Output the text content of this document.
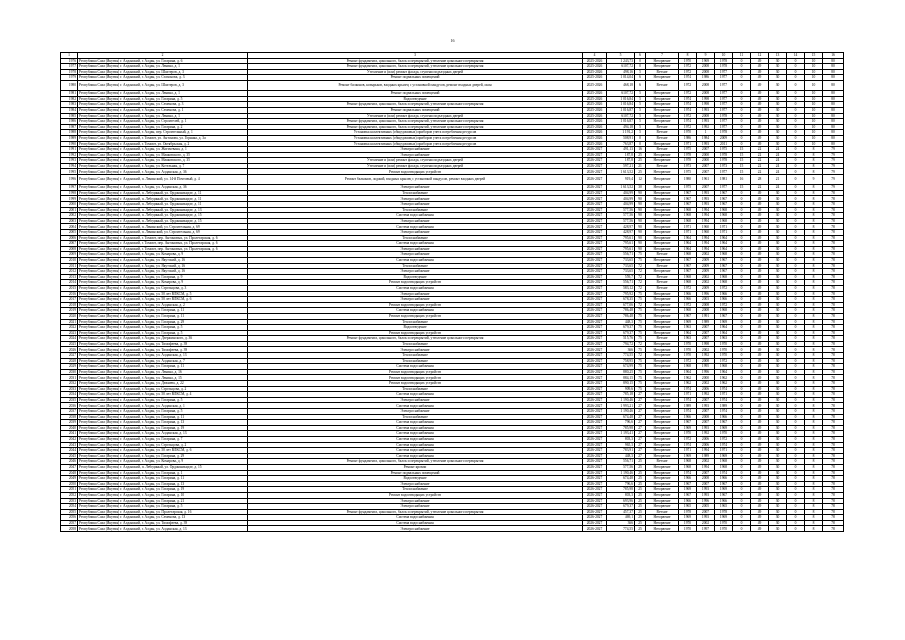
16
1	2	3	4	5	6	7	8	9	10	11	12	13	14	15	16
1976	Республика Саха (Якутия) г. Алданский, г. Алдан, ул. Гагарина, д. 6	Ремонт фундамента, цокольного, балок и перекрытий, утепление цокольного перекрытия	2025-2026	1 243,73	0	Негорючие	1970	1969	1978	0	49	30	0	10	80
1977	Республика Саха (Якутия) г. Алданский, г. Алдан, ул. Ленина, д. 1	Ремонт фундамента, цокольного, балок и перекрытий, утепление цокольного перекрытия	2025-2026	6107,72	0	Негорючие	1972	2008	1978	0	49	30	0	10	80
1978	Республика Саха (Якутия) г. Алданский, г. Алдан, ул. Шахтеров, д. 3	Утепление и (или) ремонт фасада, ступени подъездных дверей	2025-2026	498,16	5	Ветхие	1972	2008	1977	0	49	30	0	10	80
1979	Республика Саха (Якутия) г. Алданский, г. Алдан, ул. Стахонова, д. 3	Ремонт подвальных помещений	2025-2026	1 014,04	6	Негорючие	1974	1986	1977	0	49	30	0	10	80
1980	Республика Саха (Якутия) г. Алданский, г. Алдан, ул. Шахтеров, д. 3	Ремонт балконов, козырьков, входных крылец с установкой пандусов, ремонт входных дверей, окон	2025-2026	468,18	6	Ветхие	1972	2008	1977	0	49	30	0	10	80
1981	Республика Саха (Якутия) г. Алданский, г. Алдан, ул. Ленина, д. 1	Ремонт подвальных помещений	2025-2026	6107,72	5	Негорючие	1972	2008	1977	0	49	30	0	10	80
1982	Республика Саха (Якутия) г. Алданский, г. Алдан, ул. Гагарина, д. 5	Водоотведение	2025-2026	1 016,84	5	Негорючие	1974	1998	1977	0	49	30	0	10	80
1983	Республика Саха (Якутия) г. Алданский, г. Алдан, ул. Семенова, д. 3	Ремонт фундамента, цокольного, балок и перекрытий, утепление цокольного перекрытия	2025-2026	1 016,84	5	Негорючие	1974	1998	1977	0	49	30	0	10	80
1984	Республика Саха (Якутия) г. Алданский, г. Алдан, ул. Семенова, д. 1	Ремонт подвальных помещений	2025-2026	1 016,87	5	Негорючие	1974	1993	1977	0	49	30	0	10	80
1985	Республика Саха (Якутия) г. Алданский, г. Алдан, ул. Ленина, д. 1	Утепление и (или) ремонт фасада, ступени подъездных дверей	2025-2026	6107,72	5	Негорючие	1972	2008	1978	0	49	30	0	10	80
1986	Республика Саха (Якутия) г. Алданский, г. Алдан, ул. Строителей, д. 1	Ремонт фундамента, цокольного, балок и перекрытий, утепление цокольного перекрытия	2025-2026	1 016,87	5	Негорючие	1974	1993	1977	0	49	30	0	10	80
1987	Республика Саха (Якутия) г. Алданский, г. Алдан, ул. Гагарина, д. 2	Ремонт фундамента, цокольного, балок и перекрытий, утепление цокольного перекрытия	2025-2026	494,18	5	Ветхие	1972	1992	1977	0	49	30	0	10	80
1988	Республика Саха (Якутия) г. Алданский, г. Алдан, пер. Строительный, д. 1	Установка коллективных (общедомовых) приборов учета потребления ресурсов	2025-2026	1 191,2	5	Ветхие	1970	1	1978	0	49	30	0	10	80
1989	Республика Саха (Якутия) г. Алданский, г. Томмот, ул. Антонова, ул. Горняка, д. 3а	Установка коллективных (общедомовых) приборов учета потребления ресурсов	2025-2026	508,91	0	Ветхие	1986	1984	2009	0	49	30	0	10	80
1990	Республика Саха (Якутия) г. Алданский, г. Томмот, ул. Октябрьская, д. 2	Установка коллективных (общедомовых) приборов учета потребления ресурсов	2025-2026	763,87	0	Негорючие	1971	1993	2011	0	49	30	0	10	80
1991	Республика Саха (Якутия) г. Алданский, г. Алдан, ул. Жигачевана, д. 1	Электроснабжение	2026-2027	491,13	16	Ветхие	1975	2007	1975	15	22	24	0	8	79
1992	Республика Саха (Якутия) г. Алданский, г. Алдан, ул. Маяковского, д. 35	Электроснабжение	2026-2027	187,8	25	Негорючие	1978	2000	1978	15	22	24	0	8	79
1993	Республика Саха (Якутия) г. Алданский, г. Алдан, ул. Маяковского, д. 35	Утепление и (или) ремонт фасада, ступени подъездных дверей	2026-2027	187,8	25	Негорючие	1978	2000	1978	15	22	24	0	8	79
1994	Республика Саха (Якутия) г. Алданский, г. Алдан, ул. Котельная, д. 7	Утепление и (или) ремонт фасада, ступени подъездных дверей	2026-2027	597,21	21	Ветхие	1973	2007	1973	15	22	24	0	8	79
1995	Республика Саха (Якутия) г. Алданский, г. Алдан, ул. Алданская, д. 36	Ремонт водоотводящих устройств	2026-2027	1 613,52	25	Негорючие	1975	2007	1977	15	22	24	0	8	79
1996	Республика Саха (Якутия) г. Алданский, п. Ленинский, ул. 14-й Почтовый, д. 4	Ремонт балконов, лоджий, входных крылец с установкой пандусов, ремонт входных дверей	2026-2027	919,4	12	Негорючие	1980	1961	1981	16	28	21	0	9	79
1997	Республика Саха (Якутия) г. Алданский, г. Алдан, ул. Алданская, д. 36	Электроснабжение	2026-2027	1 613,52	30	Негорючие	1975	2007	1977	15	22	24	0	8	79
1998	Республика Саха (Якутия) г. Алданский, п. Лебединый, ул. Орджоникидзе, д. 11	Теплоснабжение	2025-2027	404,99	90	Негорючие	1967	1993	1967	0	49	30	0	8	78
1999	Республика Саха (Якутия) г. Алданский, п. Лебединый, ул. Орджоникидзе, д. 11	Электроснабжение	2026-2027	404,99	90	Негорючие	1967	1993	1967	0	49	30	0	8	78
2000	Республика Саха (Якутия) г. Алданский, п. Лебединый, ул. Орджоникидзе, д. 11	Электроснабжение	2026-2027	404,99	90	Негорючие	1967	1993	1967	0	49	30	0	8	78
2001	Республика Саха (Якутия) г. Алданский, п. Лебединый, ул. Орджоникидзе, д. 13	Теплоснабжение	2026-2027	577,56	90	Негорючие	1968	1994	1968	0	49	30	0	8	78
2002	Республика Саха (Якутия) г. Алданский, п. Лебединый, ул. Орджоникидзе, д. 15	Система водоснабжения	2026-2027	577,56	90	Негорючие	1968	1994	1968	0	49	30	0	8	78
2003	Республика Саха (Якутия) г. Алданский, п. Лебединый, ул. Орджоникидзе, д. 15	Электроснабжение	2026-2027	577,56	90	Негорючие	1968	1994	1968	0	49	30	0	8	78
2004	Республика Саха (Якутия) г. Алданский, п. Ленинский, ул. Строительная, д. 69	Система водоснабжения	2026-2027	428,97	90	Негорючие	1971	1960	1971	0	49	30	0	8	78
2005	Республика Саха (Якутия) г. Алданский, п. Ленинский, ул. Строительная, д. 69	Электроснабжение	2026-2027	428,97	90	Негорючие	1971	1960	1971	0	49	30	0	8	78
2006	Республика Саха (Якутия) г. Алданский, г. Томмот, пер. Антоновых, ул. Пролетарская, д. 6	Теплоснабжение	2026-2027	795,61	90	Негорючие	1964	1994	1964	0	49	30	0	8	78
2007	Республика Саха (Якутия) г. Алданский, г. Томмот, пер. Антоновых, ул. Пролетарская, д. 6	Система водоснабжения	2026-2027	795,61	90	Негорючие	1964	1994	1964	0	49	30	0	8	78
2008	Республика Саха (Якутия) г. Алданский, г. Томмот, пер. Антоновых, ул. Пролетарская, д. 6	Электроснабжение	2026-2027	795,61	90	Негорючие	1964	1994	1964	0	49	30	0	8	78
2009	Республика Саха (Якутия) г. Алданский, г. Алдан, ул. Комарова, д. 9	Электроснабжение	2026-2027	556,71	75	Ветхие	1968	2002	1968	0	49	30	0	8	78
2010	Республика Саха (Якутия) г. Алданский, г. Алдан, ул. Якутский, д. 16	Система водоснабжения	2026-2027	733,65	75	Негорючие	1967	2009	1967	0	49	30	0	8	78
2011	Республика Саха (Якутия) г. Алданский, г. Алдан, ул. Якутский, д. 16	Теплоснабжение	2026-2027	733,65	72	Ветхие	1967	2009	1967	0	49	30	0	8	78
2012	Республика Саха (Якутия) г. Алданский, г. Алдан, ул. Якутский, д. 16	Электроснабжение	2026-2027	733,65	72	Негорючие	1967	2009	1967	0	49	30	0	8	78
2013	Республика Саха (Якутия) г. Алданский, г. Алдан, ул. Гагарина, д. 9	Водоотведение	2026-2027	559,7	72	Ветхие	1968	2002	1968	0	49	30	0	8	78
2014	Республика Саха (Якутия) г. Алданский, г. Алдан, ул. Комарова, д. 9	Ремонт водоотводящих устройств	2026-2027	556,71	72	Ветхие	1968	2002	1968	0	49	30	0	8	78
2015	Республика Саха (Якутия) г. Алданский, г. Алдан, ул. Стрельцова, д. 3	Система водоснабжения	2026-2027	583,12	72	Ветхие	1972	2009	1972	0	49	30	0	8	78
2016	Республика Саха (Якутия) г. Алданский, г. Алдан, ул. 50 лет ВЛКСМ, д. 5	Электроснабжение	2026-2027	795,92	75	Негорючие	1966	1996	1966	0	49	30	0	8	78
2017	Республика Саха (Якутия) г. Алданский, г. Алдан, ул. 50 лет ВЛКСМ, д. 6	Электроснабжение	2026-2027	678,35	75	Негорючие	1966	2003	1966	0	49	30	0	8	78
2018	Республика Саха (Якутия) г. Алданский, г. Алдан, ул. Алданская, д. 2	Ремонт водоотводящих устройств	2026-2027	677,06	72	Негорючие	1972	2008	1972	0	49	30	0	8	78
2019	Республика Саха (Якутия) г. Алданский, г. Алдан, ул. Гагарина, д. 11	Система водоснабжения	2026-2027	786,48	75	Негорючие	1968	2008	1968	0	49	30	0	8	78
2020	Республика Саха (Якутия) г. Алданский, г. Алдан, ул. Гагарина, д. 11	Ремонт водоотводящих устройств	2026-2027	786,48	75	Негорючие	1967	1991	1967	0	49	30	0	8	78
2021	Республика Саха (Якутия) г. Алданский, г. Алдан, ул. Гагарина, д. 29	Теплоснабжение	2026-2027	448,3	75	Негорючие	1969	1989	1969	0	49	30	0	8	78
2022	Республика Саха (Якутия) г. Алданский, г. Алдан, ул. Гагарина, д. 5	Водоотведение	2026-2027	679,37	75	Негорючие	1963	2007	1964	0	49	30	0	8	78
2023	Республика Саха (Якутия) г. Алданский, г. Алдан, ул. Гагарина, д. 5	Ремонт водоотводящих устройств	2026-2027	679,37	75	Негорючие	1964	2007	1964	0	49	30	0	8	78
2024	Республика Саха (Якутия) г. Алданский, г. Алдан, ул. Дзержинского, д. 36	Ремонт фундамента, цокольного, балок и перекрытий, утепление цокольного перекрытия	2026-2027	515,76	75	Ветхие	1963	2007	1963	0	49	30	0	8	78
2025	Республика Саха (Якутия) г. Алданский, г. Алдан, ул. Тимофеева, д. 39	Теплоснабжение	2026-2027	794,72	72	Негорючие	1970	1998	1970	0	49	30	0	8	78
2026	Республика Саха (Якутия) г. Алданский, г. Алдан, ул. Тимофеева, д. 39	Электроснабжение	2026-2027	366	75	Негорючие	1970	2002	1970	0	49	30	0	8	78
2027	Республика Саха (Якутия) г. Алданский, г. Алдан, ул. Алданская, д. 13	Теплоснабжение	2026-2027	774,55	72	Негорючие	1970	1992	1970	0	49	30	0	8	78
2028	Республика Саха (Якутия) г. Алданский, г. Алдан, ул. Алданская, д. 7	Теплоснабжение	2026-2027	758,95	75	Негорючие	1972	2008	1972	0	49	30	0	8	78
2029	Республика Саха (Якутия) г. Алданский, г. Алдан, ул. Гагарина, д. 11	Система водоснабжения	2026-2027	674,99	75	Негорючие	1968	1995	1968	0	49	30	0	8	78
2030	Республика Саха (Якутия) г. Алданский, г. Алдан, ул. Ленина, д. 16	Ремонт водоотводящих устройств	2026-2027	880,25	75	Негорючие	1964	1996	1964	0	49	30	0	8	78
2031	Республика Саха (Якутия) г. Алданский, г. Алдан, ул. Ленина, д. 15	Ремонт водоотводящих устройств	2026-2027	884,15	75	Негорючие	1962	2000	1962	0	49	30	0	8	78
2032	Республика Саха (Якутия) г. Алданский, г. Алдан, ул. Дежнева, д. 22	Ремонт водоотводящих устройств	2026-2027	890,15	75	Негорючие	1962	2002	1962	0	49	30	0	8	78
2033	Республика Саха (Якутия) г. Алданский, г. Алдан, ул. Стрельцова, д. 2	Теплоснабжение	2026-2027	909,6	75	Негорючие	1974	2006	1974	0	49	30	0	8	78
2034	Республика Саха (Якутия) г. Алданский, г. Алдан, ул. 50 лет ВЛКСМ, д. 4	Система водоснабжения	2026-2027	785,18	27	Негорючие	1971	1992	1971	0	49	30	0	8	78
2035	Республика Саха (Якутия) г. Алданский, г. Алдан, ул. Гагарина, д. 5	Электроснабжение	2026-2027	1 190,46	27	Негорючие	1974	2007	1974	0	49	30	0	8	78
2036	Республика Саха (Якутия) г. Алданский, г. Алдан, ул. Алданская, д. 1	Система водоснабжения	2026-2027	1 993,21	27	Негорючие	1989	1993	1989	0	49	30	0	8	78
2037	Республика Саха (Якутия) г. Алданский, г. Алдан, ул. Гагарина, д. 5	Электроснабжение	2026-2027	1 190,46	27	Негорючие	1974	2007	1974	0	49	30	0	8	78
2038	Республика Саха (Якутия) г. Алданский, г. Алдан, ул. Гагарина, д. 11	Теплоснабжение	2026-2027	674,48	27	Негорючие	1966	2008	1966	0	49	30	0	8	78
2039	Республика Саха (Якутия) г. Алданский, г. Алдан, ул. Гагарина, д. 13	Система водоснабжения	2026-2027	796,6	27	Негорючие	1967	2007	1967	0	49	30	0	8	78
2040	Республика Саха (Якутия) г. Алданский, г. Алдан, ул. Гагарина, д. 19	Система водоснабжения	2026-2027	785,98	27	Негорючие	1969	1993	1969	0	49	30	0	8	78
2041	Республика Саха (Якутия) г. Алданский, г. Алдан, ул. Алданская, д. 13	Система водоснабжения	2026-2027	1 193,41	27	Негорючие	1970	1992	1970	0	49	30	0	8	78
2042	Республика Саха (Якутия) г. Алданский, г. Алдан, ул. Гагарина, д. 7	Система водоснабжения	2026-2027	803,3	27	Негорючие	1972	2006	1972	0	49	30	0	8	78
2043	Республика Саха (Якутия) г. Алданский, г. Алдан, ул. Стрельцова, д. 2	Система водоснабжения	2026-2027	965,3	27	Негорючие	1974	2006	1974	0	49	30	0	8	78
2044	Республика Саха (Якутия) г. Алданский, г. Алдан, ул. 50 лет ВЛКСМ, д. 6	Система водоснабжения	2026-2027	783,91	27	Негорючие	1971	1994	1971	0	49	30	0	8	78
2045	Республика Саха (Якутия) г. Алданский, г. Алдан, ул. Гагарина, д. 29	Система водоснабжения	2026-2027	448,3	27	Негорючие	1969	1989	1969	0	49	30	0	8	78
2046	Республика Саха (Якутия) г. Алданский, г. Алдан, ул. Комарова, д. 9	Ремонт фундамента, цокольного, балок и перекрытий, утепление цокольного перекрытия	2026-2027	556,71	25	Ветхие	1968	2002	1968	0	49	30	0	8	78
2047	Республика Саха (Якутия) г. Алданский, п. Лебединый, ул. Орджоникидзе, д. 15	Ремонт кровли	2026-2027	577,56	25	Негорючие	1968	1994	1968	0	49	30	0	8	78
2048	Республика Саха (Якутия) г. Алданский, г. Алдан, ул. Гагарина, д. 1	Ремонт подвальных помещений	2026-2027	1 190,46	25	Негорючие	1974	2007	1974	0	49	30	0	8	78
2049	Республика Саха (Якутия) г. Алданский, г. Алдан, ул. Гагарина, д. 11	Водоотведение	2026-2027	674,48	25	Негорючие	1966	2008	1966	0	49	30	0	8	78
2050	Республика Саха (Якутия) г. Алданский, г. Алдан, ул. Гагарина, д. 13	Электроснабжение	2026-2027	796,6	25	Негорючие	1967	2007	1967	0	49	30	0	8	78
2051	Республика Саха (Якутия) г. Алданский, г. Алдан, ул. Гагарина, д. 19	Теплоснабжение	2026-2027	785,98	25	Негорючие	1969	1993	1969	0	49	30	0	8	78
2052	Республика Саха (Якутия) г. Алданский, г. Алдан, ул. Гагарина, д. 10	Ремонт водоотводящих устройств	2026-2027	803,3	25	Негорючие	1967	1993	1967	0	49	30	0	8	78
2053	Республика Саха (Якутия) г. Алданский, г. Алдан, ул. Гагарина, д. 21	Электроснабжение	2026-2027	693,96	25	Негорючие	1966	1996	1966	0	49	30	0	8	78
2054	Республика Саха (Якутия) г. Алданский, г. Алдан, ул. Гагарина, д. 5	Электроснабжение	2026-2027	679,37	25	Негорючие	1965	2005	1965	0	49	30	0	8	78
2055	Республика Саха (Якутия) г. Алданский, г. Алдан, ул. Пролетарская, д. 16	Ремонт фундамента, цокольного, балок и перекрытий, утепление цокольного перекрытия	2026-2027	457,37	25	Ветхие	1978	2007	1978	0	49	30	0	8	78
2056	Республика Саха (Якутия) г. Алданский, г. Алдан, ул. Семенова, д. 13	Система водоснабжения	2026-2027	469,1	25	Негорючие	1969	1993	1969	0	49	30	0	8	78
2057	Республика Саха (Якутия) г. Алданский, г. Алдан, ул. Тимофеева, д. 39	Система водоснабжения	2026-2027	366	25	Негорючие	1970	2002	1970	0	49	30	0	8	78
2058	Республика Саха (Якутия) г. Алданский, г. Алдан, ул. Алданская, д. 13	Электроснабжение	2026-2027	774,55	25	Негорючие	1970	1997	1970	0	49	30	0	8	78
